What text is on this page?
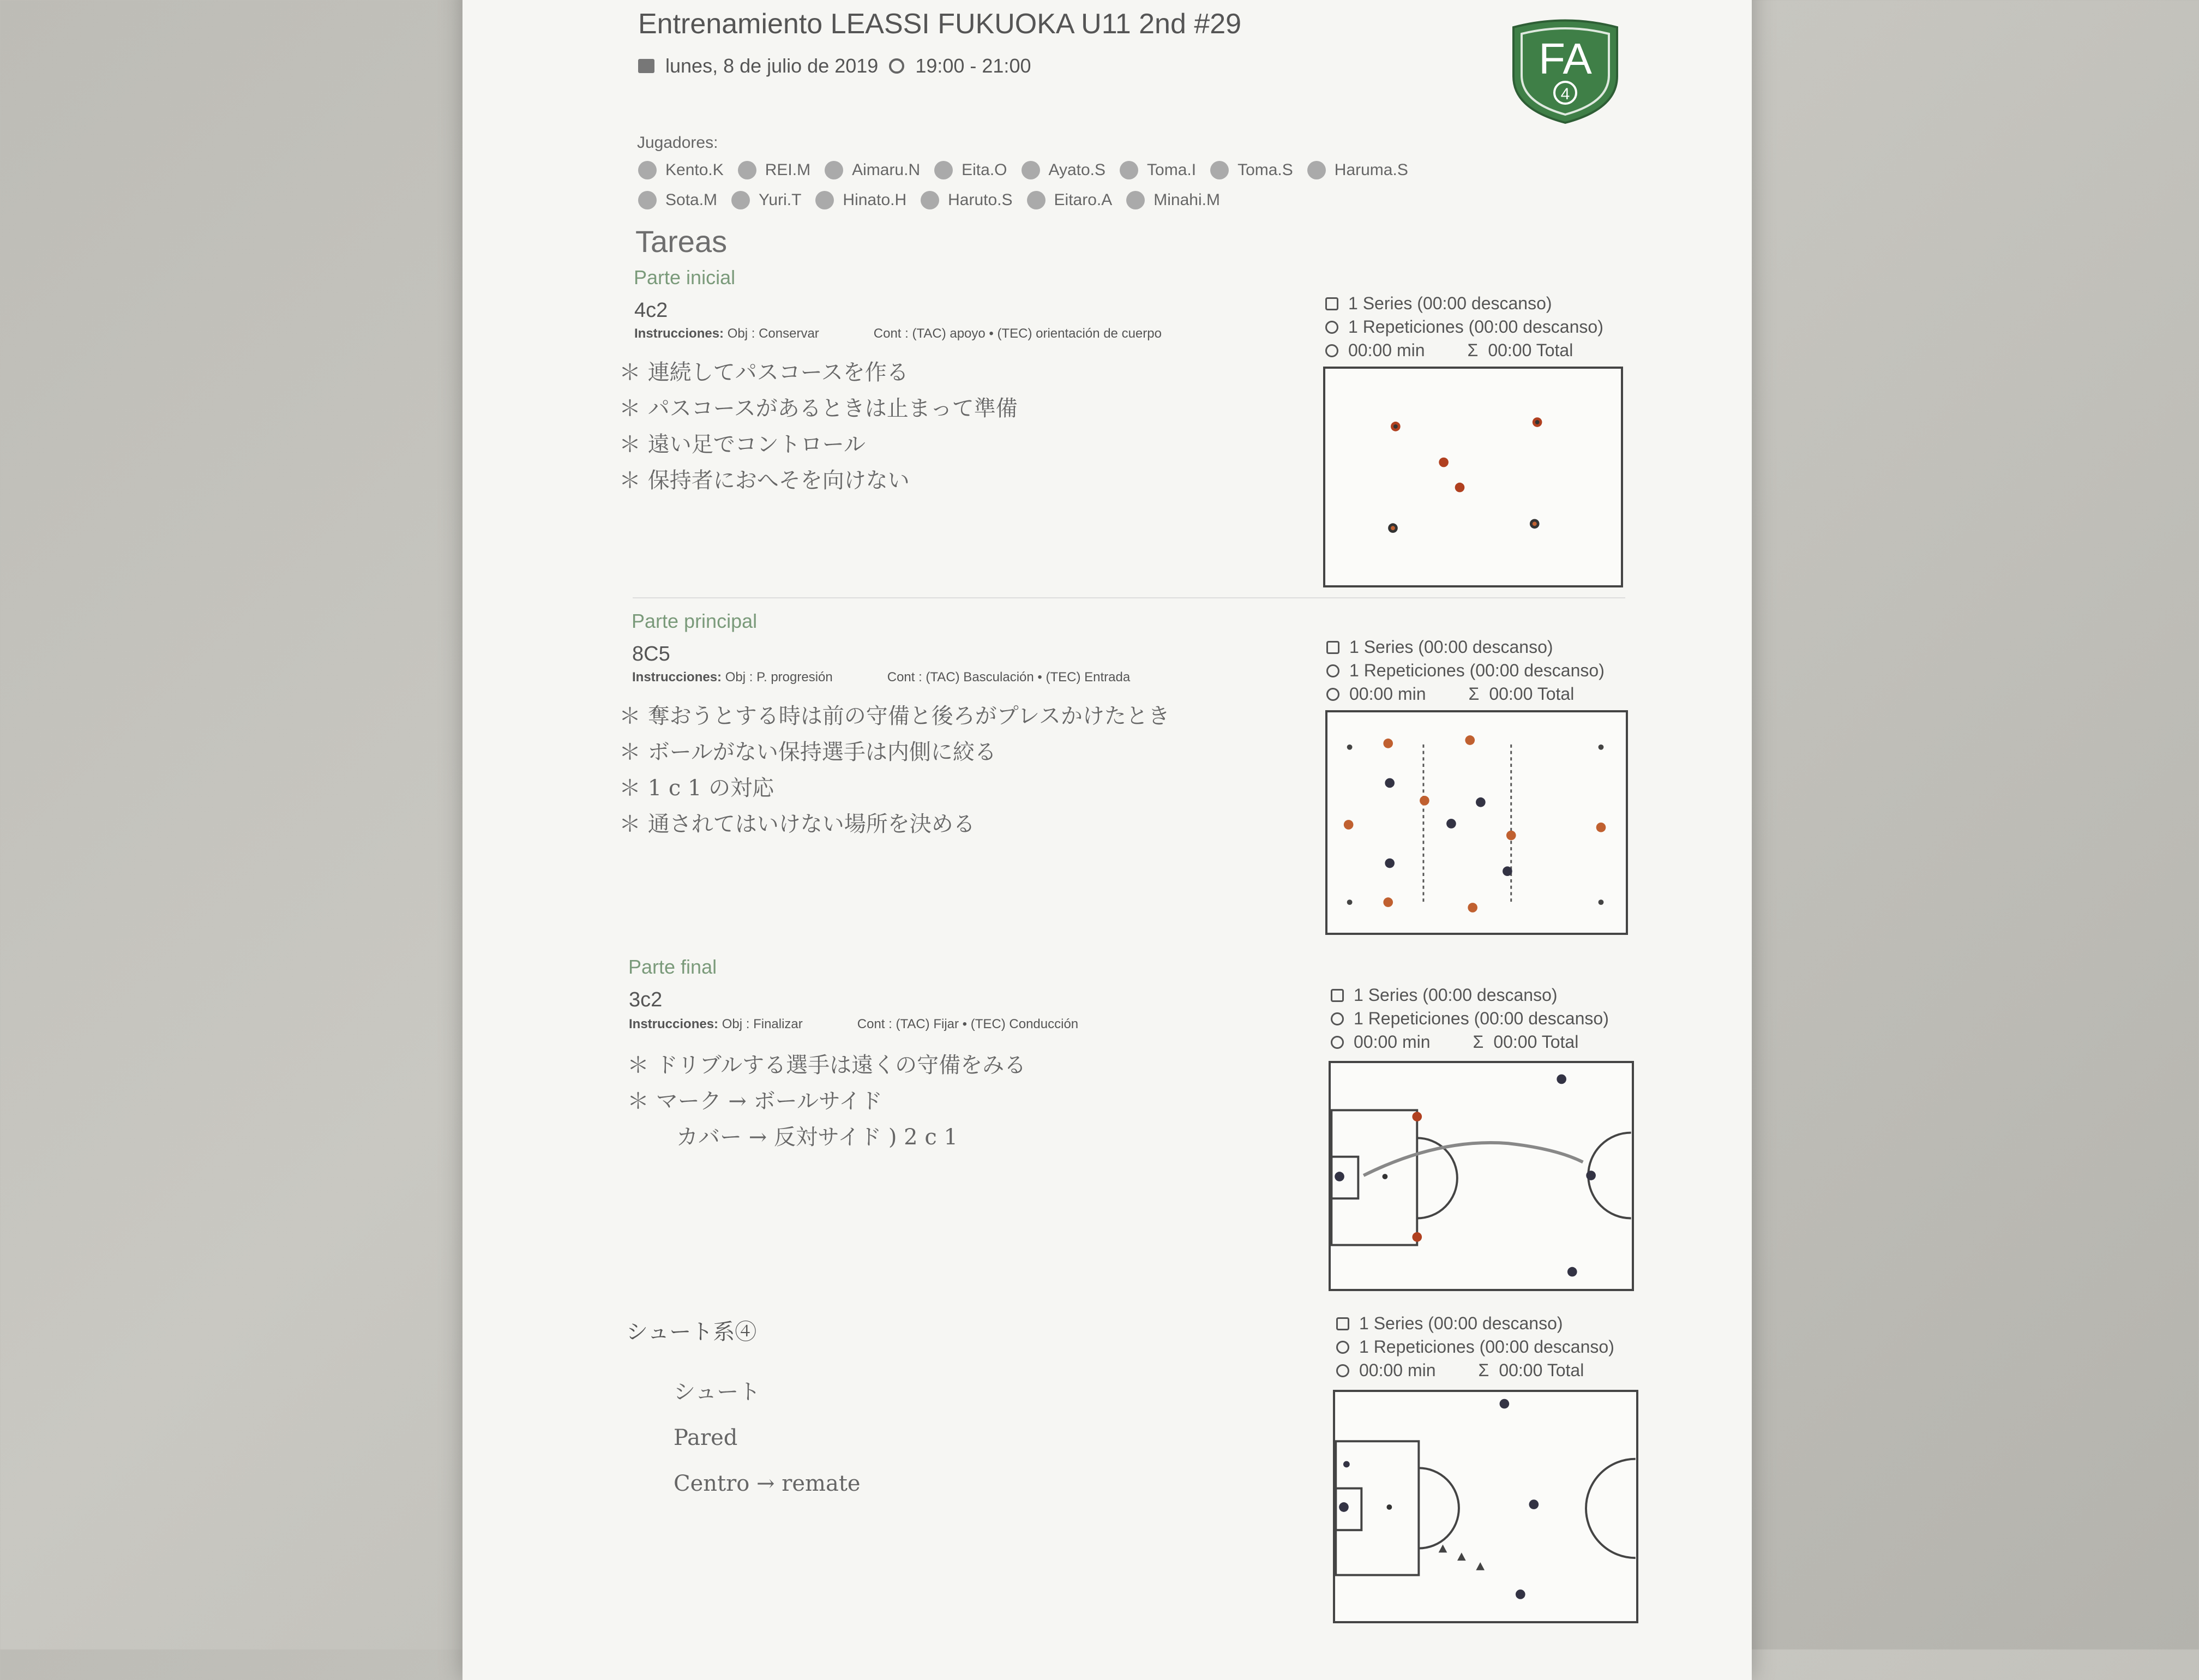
Entrenamiento LEASSI FUKUOKA U11 2nd #29
lunes, 8 de julio de 2019 19:00 - 21:00	FA
4
Jugadores:
Kento.K	REI.M	Aimaru.N	Eita.O	Ayato.S	Toma.I	Toma.S	Haruma.S
Sota.M	Yuri.T	Hinato.H	Haruto.S	Eitaro.A	Minahi.M
Tareas
Parte inicial
4c2
Instrucciones: Obj : Conservar	Cont : (TAC) apoyo • (TEC) orientación de cuerpo
＊ 連続してパスコースを作る
＊ パスコースがあるときは止まって準備
＊ 遠い足でコントロール
＊ 保持者におへそを向けない
1 Series (00:00 descanso)
1 Repeticiones (00:00 descanso)
00:00 min Σ 00:00 Total
Parte principal
8C5
Instrucciones: Obj : P. progresión	Cont : (TAC) Basculación • (TEC) Entrada
＊ 奪おうとする時は前の守備と後ろがプレスかけたとき
＊ ボールがない保持選手は内側に絞る
＊ 1 c 1 の対応
＊ 通されてはいけない場所を決める
1 Series (00:00 descanso)
1 Repeticiones (00:00 descanso)
00:00 min Σ 00:00 Total
Parte final
3c2
Instrucciones: Obj : Finalizar	Cont : (TAC) Fijar • (TEC) Conducción
＊ ドリブルする選手は遠くの守備をみる
＊ マーク → ボールサイド
カバー → 反対サイド ) 2 c 1
1 Series (00:00 descanso)
1 Repeticiones (00:00 descanso)
00:00 min Σ 00:00 Total
シュート系④
シュート
Pared
Centro → remate
1 Series (00:00 descanso)
1 Repeticiones (00:00 descanso)
00:00 min Σ 00:00 Total
